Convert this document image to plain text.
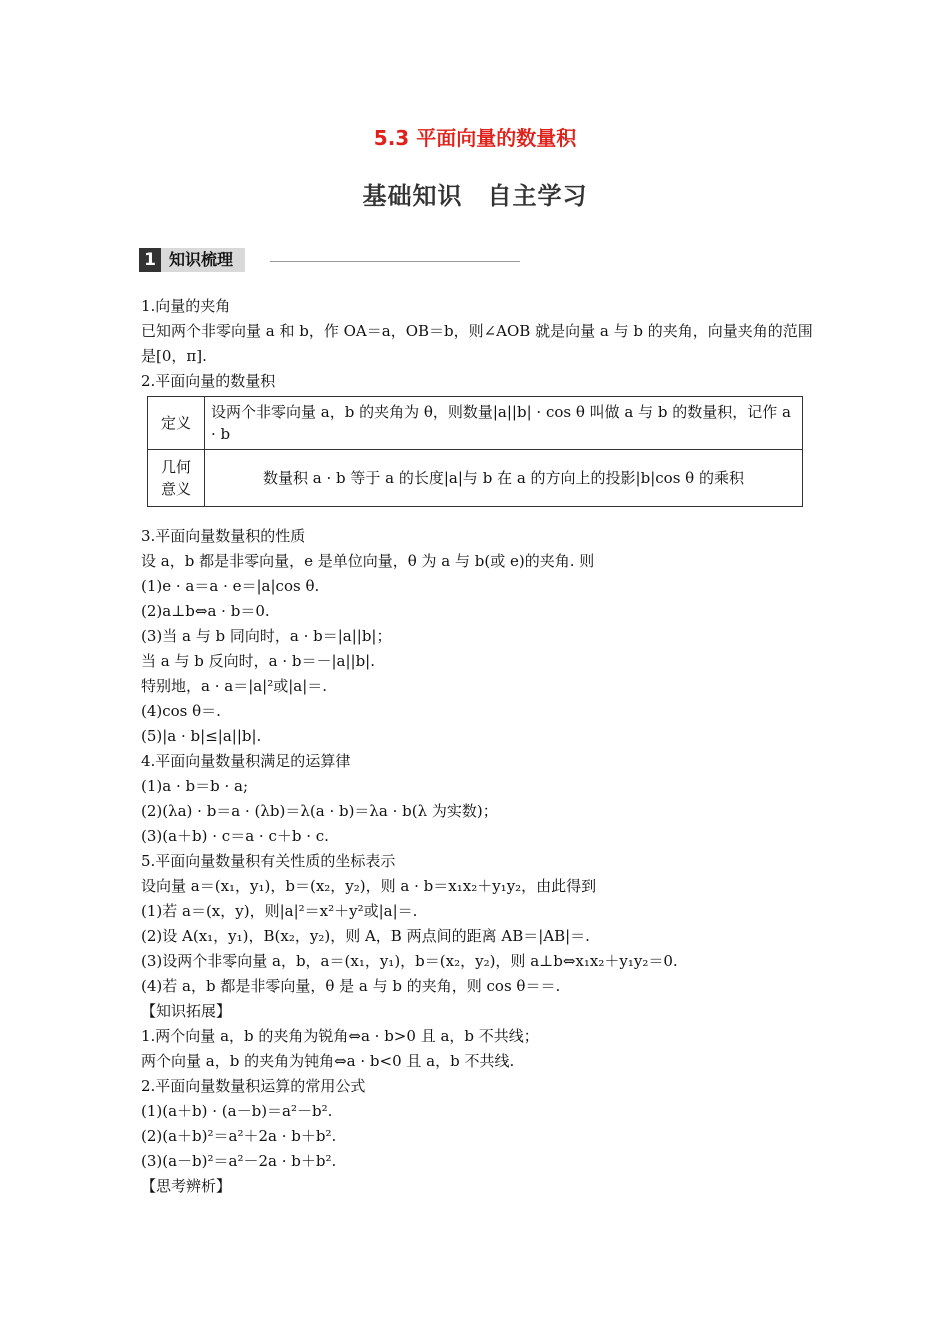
5.3 平面向量的数量积
基础知识　自主学习
1 知识梳理
1.向量的夹角
已知两个非零向量 a 和 b，作 OA＝a，OB＝b，则∠AOB 就是向量 a 与 b 的夹角，向量夹角的范围
是[0，π].
2.平面向量的数量积
3.平面向量数量积的性质
设 a，b 都是非零向量，e 是单位向量，θ 为 a 与 b(或 e)的夹角. 则
(1)e · a＝a · e＝|a|cos θ.
(2)a⊥b⇔a · b＝0.
(3)当 a 与 b 同向时，a · b＝|a||b|；
当 a 与 b 反向时，a · b＝－|a||b|.
特别地，a · a＝|a|²或|a|＝.
(4)cos θ＝.
(5)|a · b|≤|a||b|.
4.平面向量数量积满足的运算律
(1)a · b＝b · a;
(2)(λa) · b＝a · (λb)＝λ(a · b)＝λa · b(λ 为实数)；
(3)(a＋b) · c＝a · c＋b · c.
5.平面向量数量积有关性质的坐标表示
设向量 a＝(x₁，y₁)，b＝(x₂，y₂)，则 a · b＝x₁x₂＋y₁y₂，由此得到
(1)若 a＝(x，y)，则|a|²＝x²＋y²或|a|＝.
(2)设 A(x₁，y₁)，B(x₂，y₂)，则 A，B 两点间的距离 AB＝|AB|＝.
(3)设两个非零向量 a，b，a＝(x₁，y₁)，b＝(x₂，y₂)，则 a⊥b⇔x₁x₂＋y₁y₂＝0.
(4)若 a，b 都是非零向量，θ 是 a 与 b 的夹角，则 cos θ＝＝.
【知识拓展】
1.两个向量 a，b 的夹角为锐角⇔a · b>0 且 a，b 不共线；
两个向量 a，b 的夹角为钝角⇔a · b<0 且 a，b 不共线.
2.平面向量数量积运算的常用公式
(1)(a＋b) · (a－b)＝a²－b².
(2)(a＋b)²＝a²＋2a · b＋b².
(3)(a－b)²＝a²－2a · b＋b².
【思考辨析】
定义	设两个非零向量 a，b 的夹角为 θ，则数量|a||b| · cos θ 叫做 a 与 b 的数量积，记作 a · b
几何意义	数量积 a · b 等于 a 的长度|a|与 b 在 a 的方向上的投影|b|cos θ 的乘积
